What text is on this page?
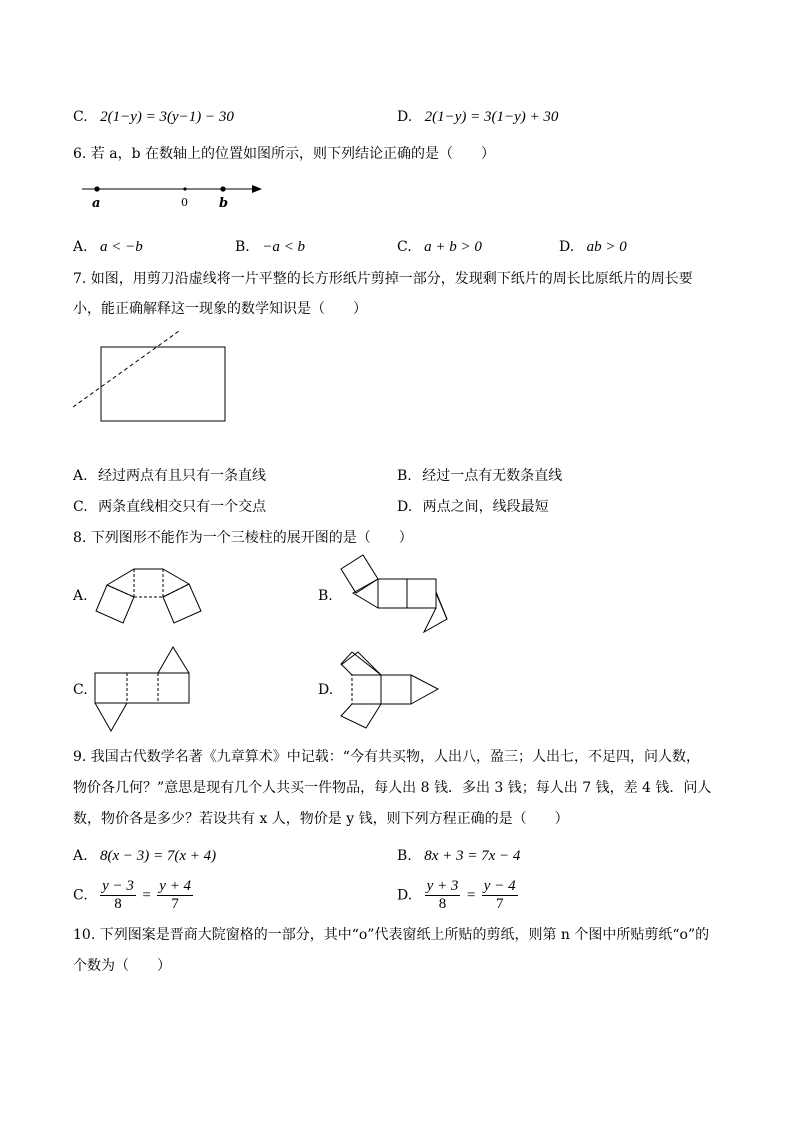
C. 2(1−y) = 3(y−1) − 30	D. 2(1−y) = 3(1−y) + 30
6. 若 a，b 在数轴上的位置如图所示，则下列结论正确的是（　　）
a	0 b
A. a < −b	B. −a < b	C. a + b > 0	D. ab > 0
7. 如图，用剪刀沿虚线将一片平整的长方形纸片剪掉一部分，发现剩下纸片的周长比原纸片的周长要
小，能正确解释这一现象的数学知识是（　　）
A. 经过两点有且只有一条直线	B. 经过一点有无数条直线
C. 两条直线相交只有一个交点	D. 两点之间，线段最短
8. 下列图形不能作为一个三棱柱的展开图的是（　　）
A.	B.
C.	D.
9. 我国古代数学名著《九章算术》中记载：“今有共买物，人出八，盈三；人出七，不足四，问人数，
物价各几何？”意思是现有几个人共买一件物品，每人出 8 钱．多出 3 钱；每人出 7 钱，差 4 钱．问人
数，物价各是多少？若设共有 x 人，物价是 y 钱，则下列方程正确的是（　　）
A. 8(x − 3) = 7(x + 4)	B. 8x + 3 = 7x − 4
C. $\frac{y - 3}{8} = \frac{y + 4}{7}$	D. $\frac{y + 3}{8} = \frac{y - 4}{7}$
10. 下列图案是晋商大院窗格的一部分，其中“o”代表窗纸上所贴的剪纸，则第 n 个图中所贴剪纸“o”的
个数为（　　）
